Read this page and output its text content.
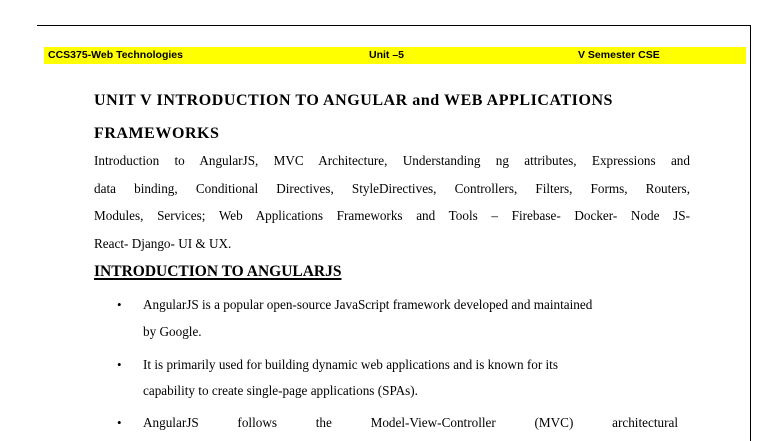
CCS375-Web Technologies	Unit –5	V Semester CSE
UNIT V INTRODUCTION TO ANGULAR and WEB APPLICATIONS
FRAMEWORKS
Introduction to AngularJS, MVC Architecture, Understanding ng attributes, Expressions and
data binding, Conditional Directives, StyleDirectives, Controllers, Filters, Forms, Routers,
Modules, Services; Web Applications Frameworks and Tools – Firebase- Docker- Node JS-
React- Django- UI & UX.
INTRODUCTION TO ANGULARJS
• AngularJS is a popular open-source JavaScript framework developed and maintained
by Google.
• It is primarily used for building dynamic web applications and is known for its
capability to create single-page applications (SPAs).
• AngularJS follows the Model-View-Controller (MVC) architectural
